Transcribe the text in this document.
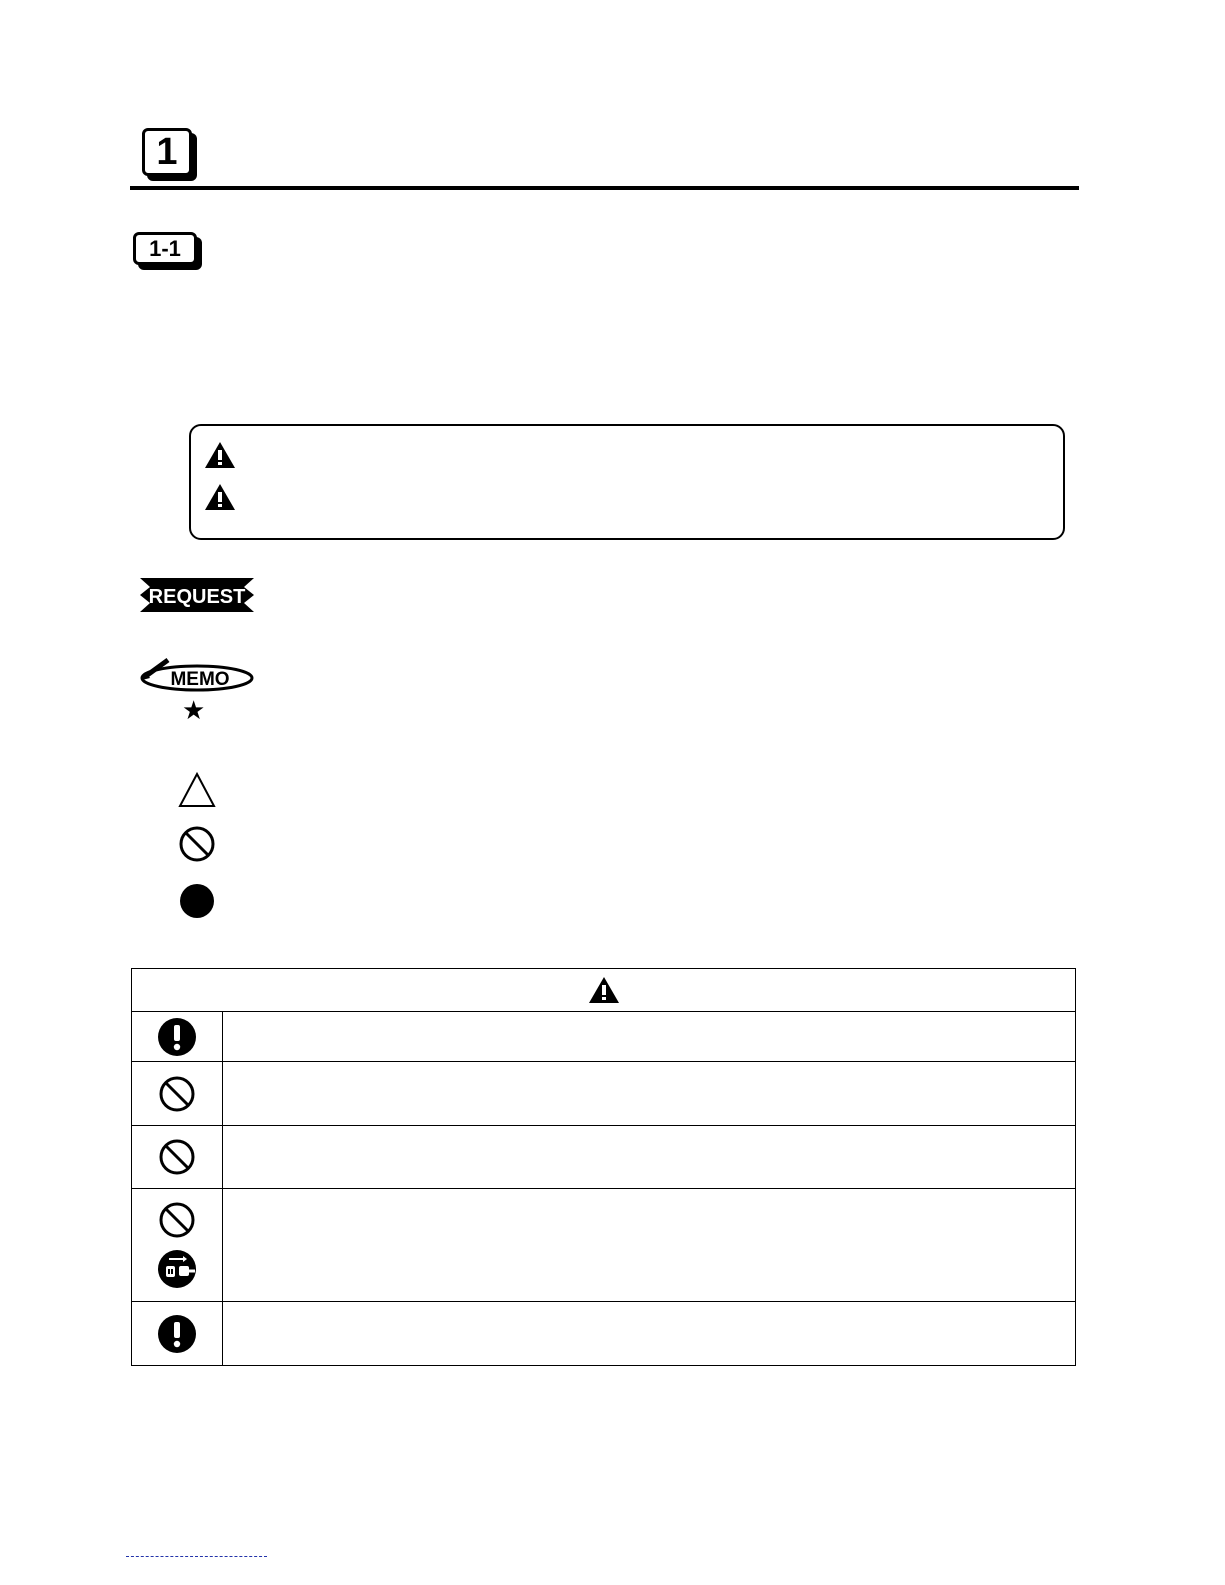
1
1-1
REQUEST
MEMO
★
